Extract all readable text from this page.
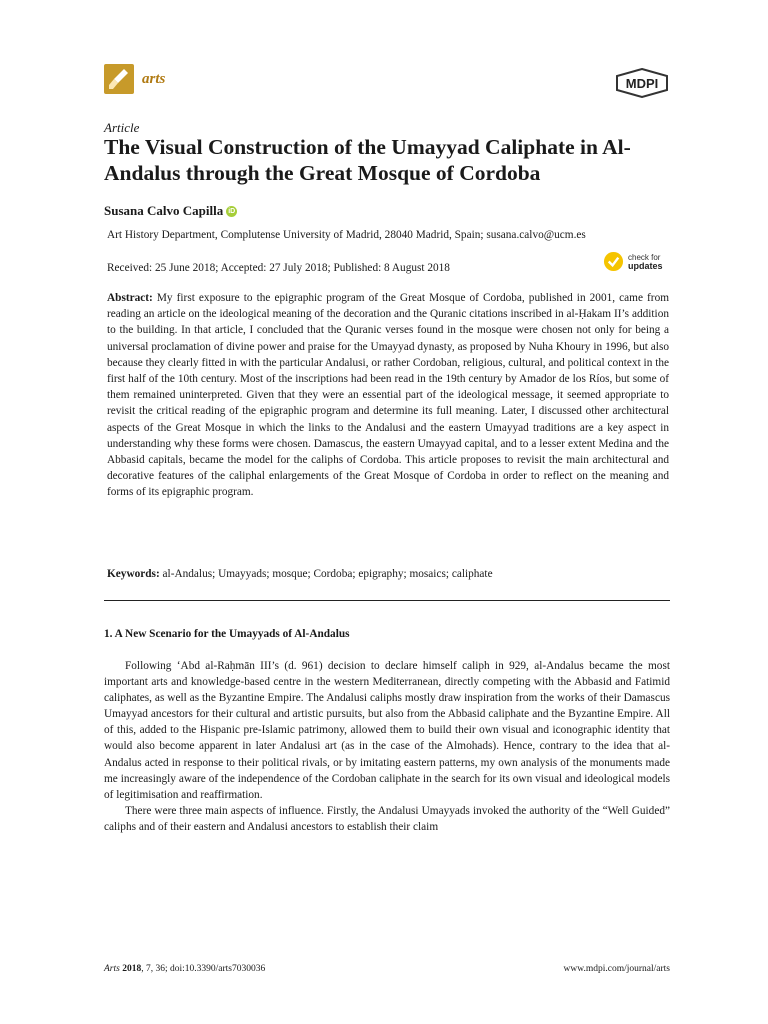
arts	MDPI
Article
The Visual Construction of the Umayyad Caliphate in Al-Andalus through the Great Mosque of Cordoba
Susana Calvo Capilla iD
Art History Department, Complutense University of Madrid, 28040 Madrid, Spain; susana.calvo@ucm.es
Received: 25 June 2018; Accepted: 27 July 2018; Published: 8 August 2018
check for
updates
Abstract: My first exposure to the epigraphic program of the Great Mosque of Cordoba, published in 2001, came from reading an article on the ideological meaning of the decoration and the Quranic citations inscribed in al-Ḥakam II’s addition to the building. In that article, I concluded that the Quranic verses found in the mosque were chosen not only for being a universal proclamation of divine power and praise for the Umayyad dynasty, as proposed by Nuha Khoury in 1996, but also because they clearly fitted in with the particular Andalusi, or rather Cordoban, religious, cultural, and political context in the first half of the 10th century. Most of the inscriptions had been read in the 19th century by Amador de los Ríos, but some of them remained uninterpreted. Given that they were an essential part of the ideological message, it seemed appropriate to revisit the critical reading of the epigraphic program and determine its full meaning. Later, I discussed other architectural aspects of the Great Mosque in which the links to the Andalusi and the eastern Umayyad traditions are a key aspect in understanding why these forms were chosen. Damascus, the eastern Umayyad capital, and to a lesser extent Medina and the Abbasid capitals, became the model for the caliphs of Cordoba. This article proposes to revisit the main architectural and decorative features of the caliphal enlargements of the Great Mosque of Cordoba in order to reflect on the meaning and forms of its epigraphic program.
Keywords: al-Andalus; Umayyads; mosque; Cordoba; epigraphy; mosaics; caliphate
1. A New Scenario for the Umayyads of Al-Andalus

Following ‘Abd al-Raḥmān III’s (d. 961) decision to declare himself caliph in 929, al-Andalus became the most important arts and knowledge-based centre in the western Mediterranean, directly competing with the Abbasid and Fatimid caliphates, as well as the Byzantine Empire. The Andalusi caliphs mostly draw inspiration from the works of their Damascus Umayyad ancestors for their cultural and artistic pursuits, but also from the Abbasid caliphate and the Byzantine Empire. All of this, added to the Hispanic pre-Islamic patrimony, allowed them to build their own visual and iconographic identity that would also become apparent in later Andalusi art (as in the case of the Almohads). Hence, contrary to the idea that al-Andalus acted in response to their political rivals, or by imitating eastern patterns, my own analysis of the monuments made me increasingly aware of the independence of the Cordoban caliphate in the search for its own visual and ideological models of legitimisation and reaffirmation.

There were three main aspects of influence. Firstly, the Andalusi Umayyads invoked the authority of the “Well Guided” caliphs and of their eastern and Andalusi ancestors to establish their claim

Arts 2018, 7, 36; doi:10.3390/arts7030036	www.mdpi.com/journal/arts
